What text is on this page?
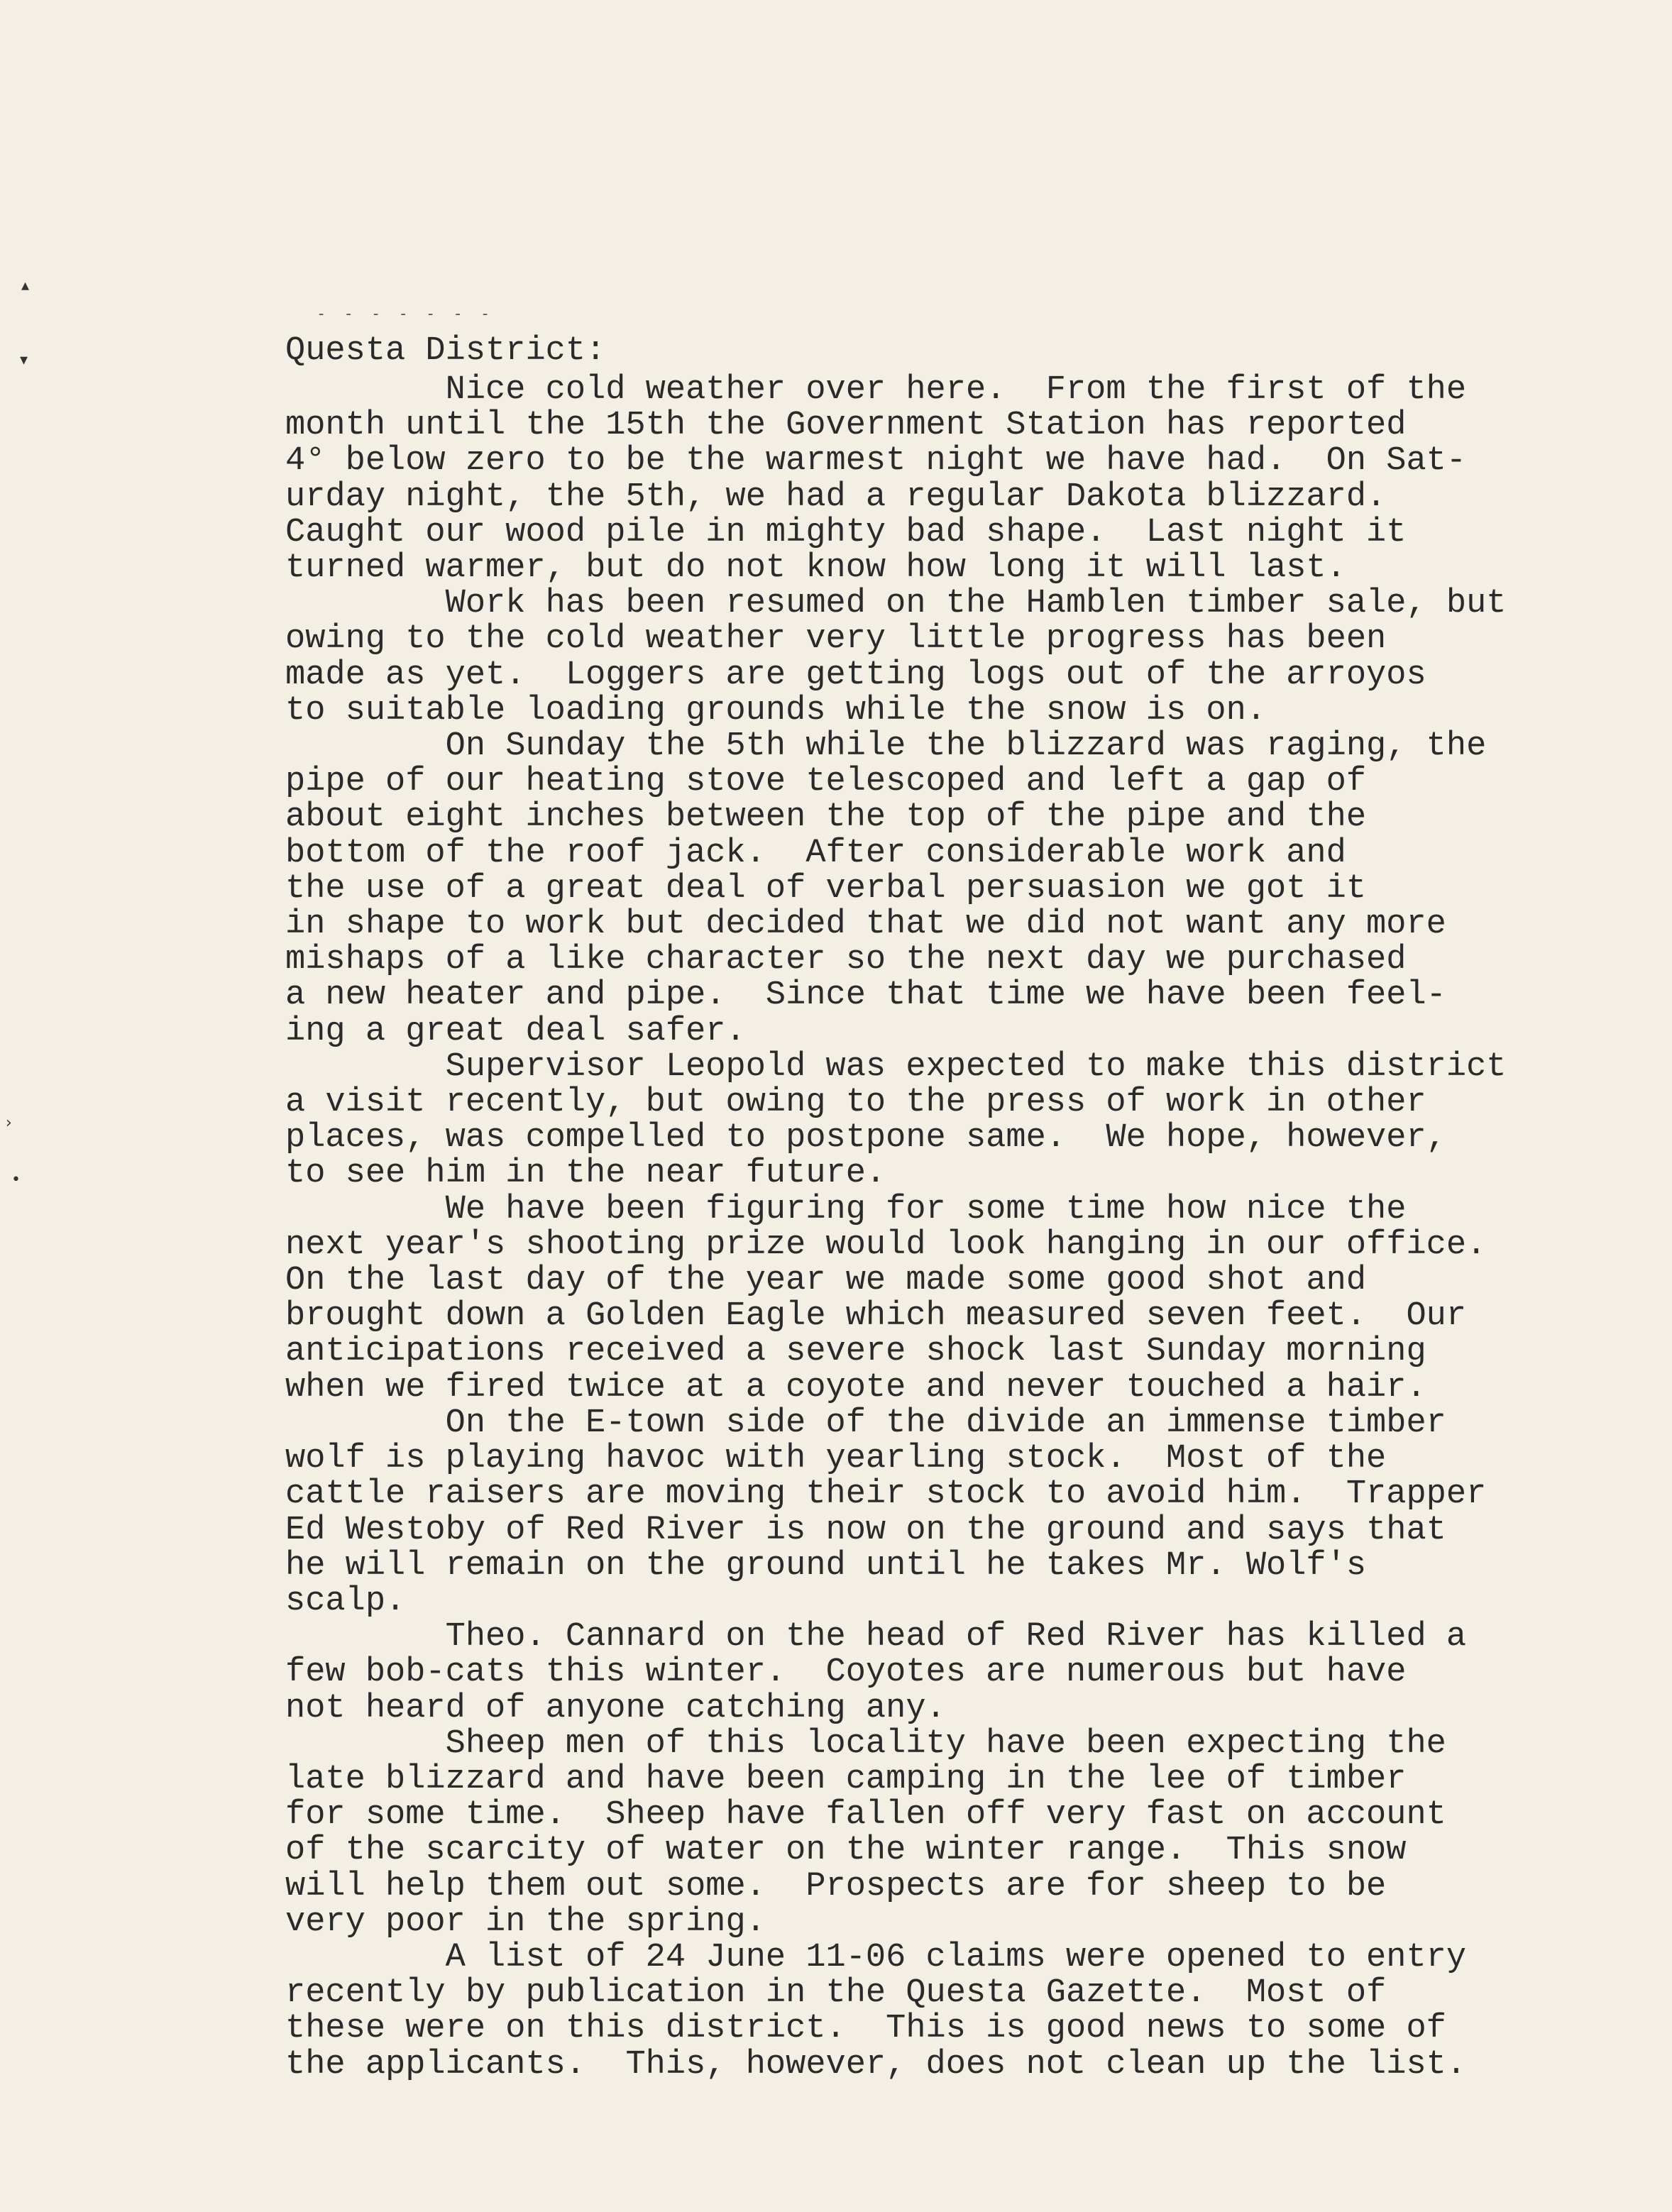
▴
▾
›
•
- - - - - - -

Questa District:

Nice cold weather over here.  From the first of the
month until the 15th the Government Station has reported
4° below zero to be the warmest night we have had.  On Sat-
urday night, the 5th, we had a regular Dakota blizzard.
Caught our wood pile in mighty bad shape.  Last night it
turned warmer, but do not know how long it will last.
Work has been resumed on the Hamblen timber sale, but
owing to the cold weather very little progress has been
made as yet.  Loggers are getting logs out of the arroyos
to suitable loading grounds while the snow is on.
On Sunday the 5th while the blizzard was raging, the
pipe of our heating stove telescoped and left a gap of
about eight inches between the top of the pipe and the
bottom of the roof jack.  After considerable work and
the use of a great deal of verbal persuasion we got it
in shape to work but decided that we did not want any more
mishaps of a like character so the next day we purchased
a new heater and pipe.  Since that time we have been feel-
ing a great deal safer.
Supervisor Leopold was expected to make this district
a visit recently, but owing to the press of work in other
places, was compelled to postpone same.  We hope, however,
to see him in the near future.
We have been figuring for some time how nice the
next year's shooting prize would look hanging in our office.
On the last day of the year we made some good shot and
brought down a Golden Eagle which measured seven feet.  Our
anticipations received a severe shock last Sunday morning
when we fired twice at a coyote and never touched a hair.
On the E-town side of the divide an immense timber
wolf is playing havoc with yearling stock.  Most of the
cattle raisers are moving their stock to avoid him.  Trapper
Ed Westoby of Red River is now on the ground and says that
he will remain on the ground until he takes Mr. Wolf's
scalp.
Theo. Cannard on the head of Red River has killed a
few bob-cats this winter.  Coyotes are numerous but have
not heard of anyone catching any.
Sheep men of this locality have been expecting the
late blizzard and have been camping in the lee of timber
for some time.  Sheep have fallen off very fast on account
of the scarcity of water on the winter range.  This snow
will help them out some.  Prospects are for sheep to be
very poor in the spring.
A list of 24 June 11-06 claims were opened to entry
recently by publication in the Questa Gazette.  Most of
these were on this district.  This is good news to some of
the applicants.  This, however, does not clean up the list.
